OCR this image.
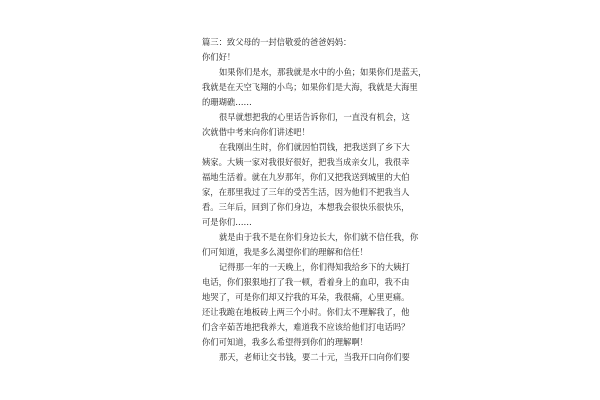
篇三：致父母的一封信敬爱的爸爸妈妈：
你们好！
如果你们是水，那我就是水中的小鱼；如果你们是蓝天，
我就是在天空飞翔的小鸟；如果你们是大海，我就是大海里
的珊瑚礁……
很早就想把我的心里话告诉你们，一直没有机会，这
次就借中考来向你们讲述吧！
在我刚出生时，你们就因怕罚钱，把我送到了乡下大
姨家。大姨一家对我很好很好，把我当成亲女儿，我很幸
福地生活着。就在九岁那年，你们又把我送到城里的大伯
家，在那里我过了三年的受苦生活，因为他们不把我当人
看。三年后，回到了你们身边，本想我会很快乐很快乐，
可是你们……
就是由于我不是在你们身边长大，你们就不信任我，你
们可知道，我是多么渴望你们的理解和信任！
记得那一年的一天晚上，你们得知我给乡下的大姨打
电话，你们狠狠地打了我一顿，看着身上的血印，我不由
地哭了，可是你们却又拧我的耳朵，我很痛，心里更痛。
还让我跪在地板砖上两三个小时。你们太不理解我了，他
们含辛茹苦地把我养大，难道我不应该给他们打电话吗？
你们可知道，我多么希望得到你们的理解啊！
那天，老师让交书钱，要二十元，当我开口向你们要
